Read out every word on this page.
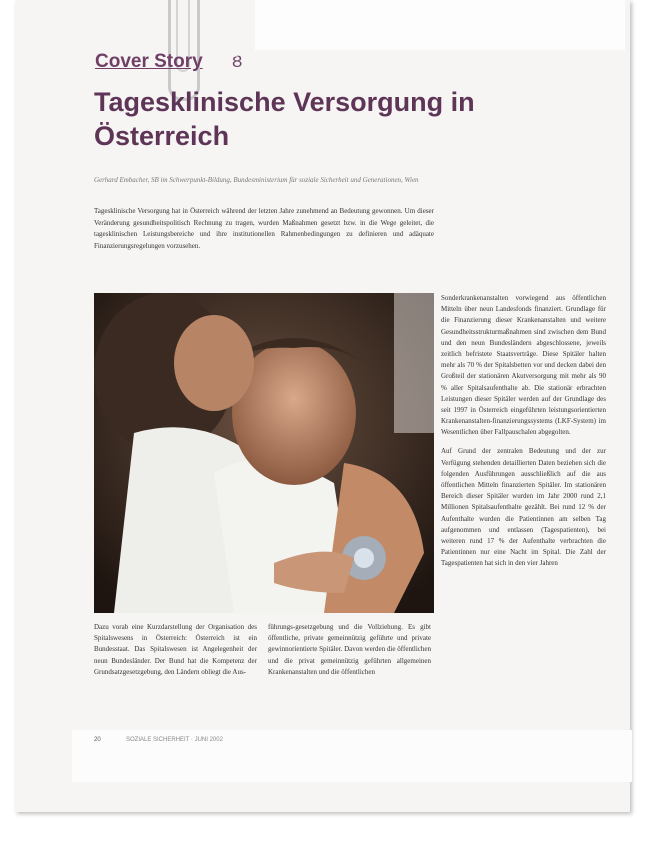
Cover Story Ȣ
Tagesklinische Versorgung in Österreich
Gerhard Embacher, SB im Schwerpunkt-Bildung, Bundesministerium für soziale Sicherheit und Generationen, Wien
Tagesklinische Versorgung hat in Österreich während der letzten Jahre zunehmend an Bedeutung gewonnen. Um dieser Veränderung gesundheitspolitisch Rechnung zu tragen, wurden Maßnahmen gesetzt bzw. in die Wege geleitet, die tagesklinischen Leistungsbereiche und ihre institutionellen Rahmenbedingungen zu definieren und adäquate Finanzierungsregelungen vorzusehen.

Dazu vorab eine Kurzdarstellung der Organisation des Spitalswesens in Österreich: Österreich ist ein Bundesstaat. Das Spitalswesen ist Angelegenheit der neun Bundesländer. Der Bund hat die Kompetenz der Grundsatzgesetzgebung, den Ländern obliegt die Aus-

führungs-gesetzgebung und die Vollziehung. Es gibt öffentliche, private gemeinnützig geführte und private gewinnorientierte Spitäler. Davon werden die öffentlichen und die privat gemeinnützig geführten allgemeinen Krankenanstalten und die öffentlichen

Sonderkrankenanstalten vorwiegend aus öffentlichen Mitteln über neun Landesfonds finanziert. Grundlage für die Finanzierung dieser Krankenanstalten und weitere Gesundheitsstrukturmaßnahmen sind zwischen dem Bund und den neun Bundesländern abgeschlossene, jeweils zeitlich befristete Staatsverträge. Diese Spitäler halten mehr als 70 % der Spitalsbetten vor und decken dabei den Großteil der stationären Akutversorgung mit mehr als 90 % aller Spitalsaufenthalte ab. Die stationär erbrachten Leistungen dieser Spitäler werden auf der Grundlage des seit 1997 in Österreich eingeführten leistungsorientierten Krankenanstalten-finanzierungssystems (LKF-System) im Wesentlichen über Fallpauschalen abgegolten.

Auf Grund der zentralen Bedeutung und der zur Verfügung stehenden detaillierten Daten beziehen sich die folgenden Ausführungen ausschließlich auf die aus öffentlichen Mitteln finanzierten Spitäler. Im stationären Bereich dieser Spitäler wurden im Jahr 2000 rund 2,1 Millionen Spitalsaufenthalte gezählt. Bei rund 12 % der Aufenthalte wurden die Patientinnen am selben Tag aufgenommen und entlassen (Tagespatienten), bei weiteren rund 17 % der Aufenthalte verbrachten die Patientinnen nur eine Nacht im Spital. Die Zahl der Tagespatienten hat sich in den vier Jahren

20	SOZIALE SICHERHEIT · JUNI 2002
